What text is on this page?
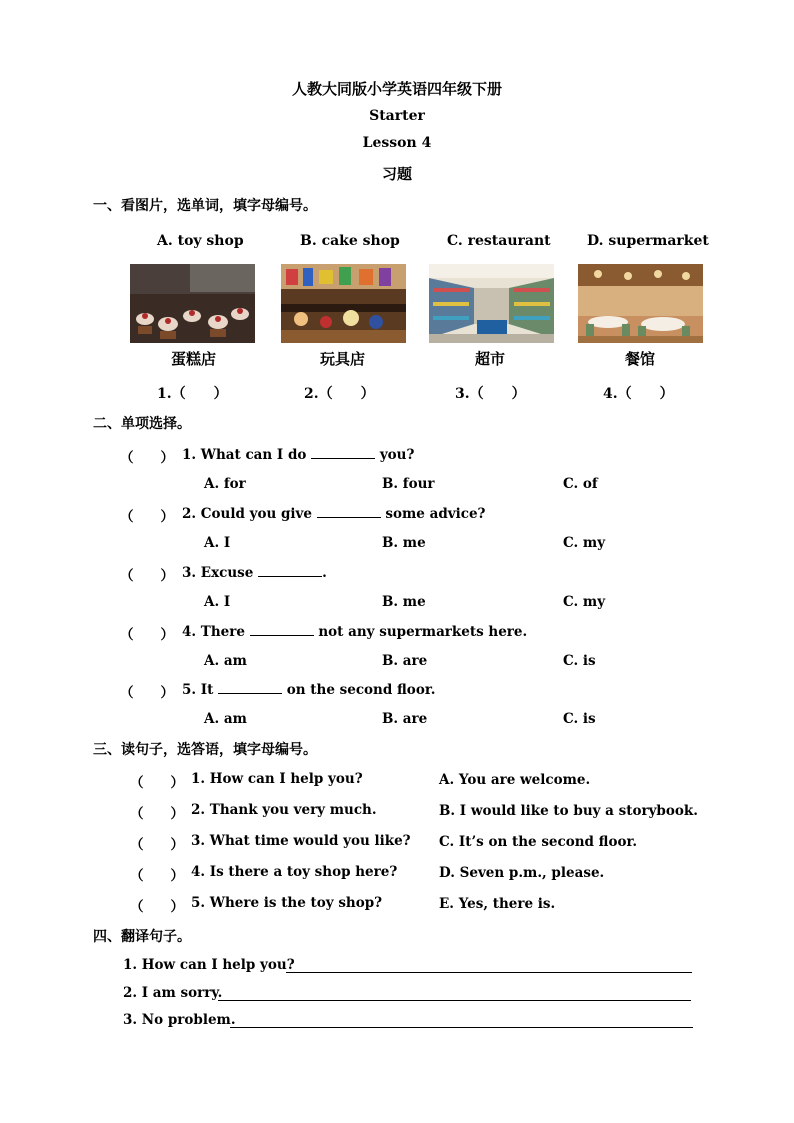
人教大同版小学英语四年级下册
Starter
Lesson 4
习题
一、看图片，选单词，填字母编号。
A. toy shop	B. cake shop	C. restaurant	D. supermarket
蛋糕店	玩具店	超市	餐馆
1.（　　）	2.（　　）	3.（　　）	4.（　　）
二、单项选择。
（　　） 1. What can I do	you?
A. for	B. four	C. of
（　　） 2. Could you give	some advice?
A. I	B. me	C. my
（　　） 3. Excuse	.
A. I	B. me	C. my
（　　） 4. There	not any supermarkets here.
A. am	B. are	C. is
（　　） 5. It	on the second floor.
A. am	B. are	C. is
三、读句子，选答语，填字母编号。
（　　） 1. How can I help you?	A. You are welcome.
（　　） 2. Thank you very much.	B. I would like to buy a storybook.
（　　） 3. What time would you like? C. It’s on the second floor.
（　　） 4. Is there a toy shop here?	D. Seven p.m., please.
（　　） 5. Where is the toy shop?	E. Yes, there is.
四、翻译句子。
1. How can I help you?
2. I am sorry.
3. No problem.
